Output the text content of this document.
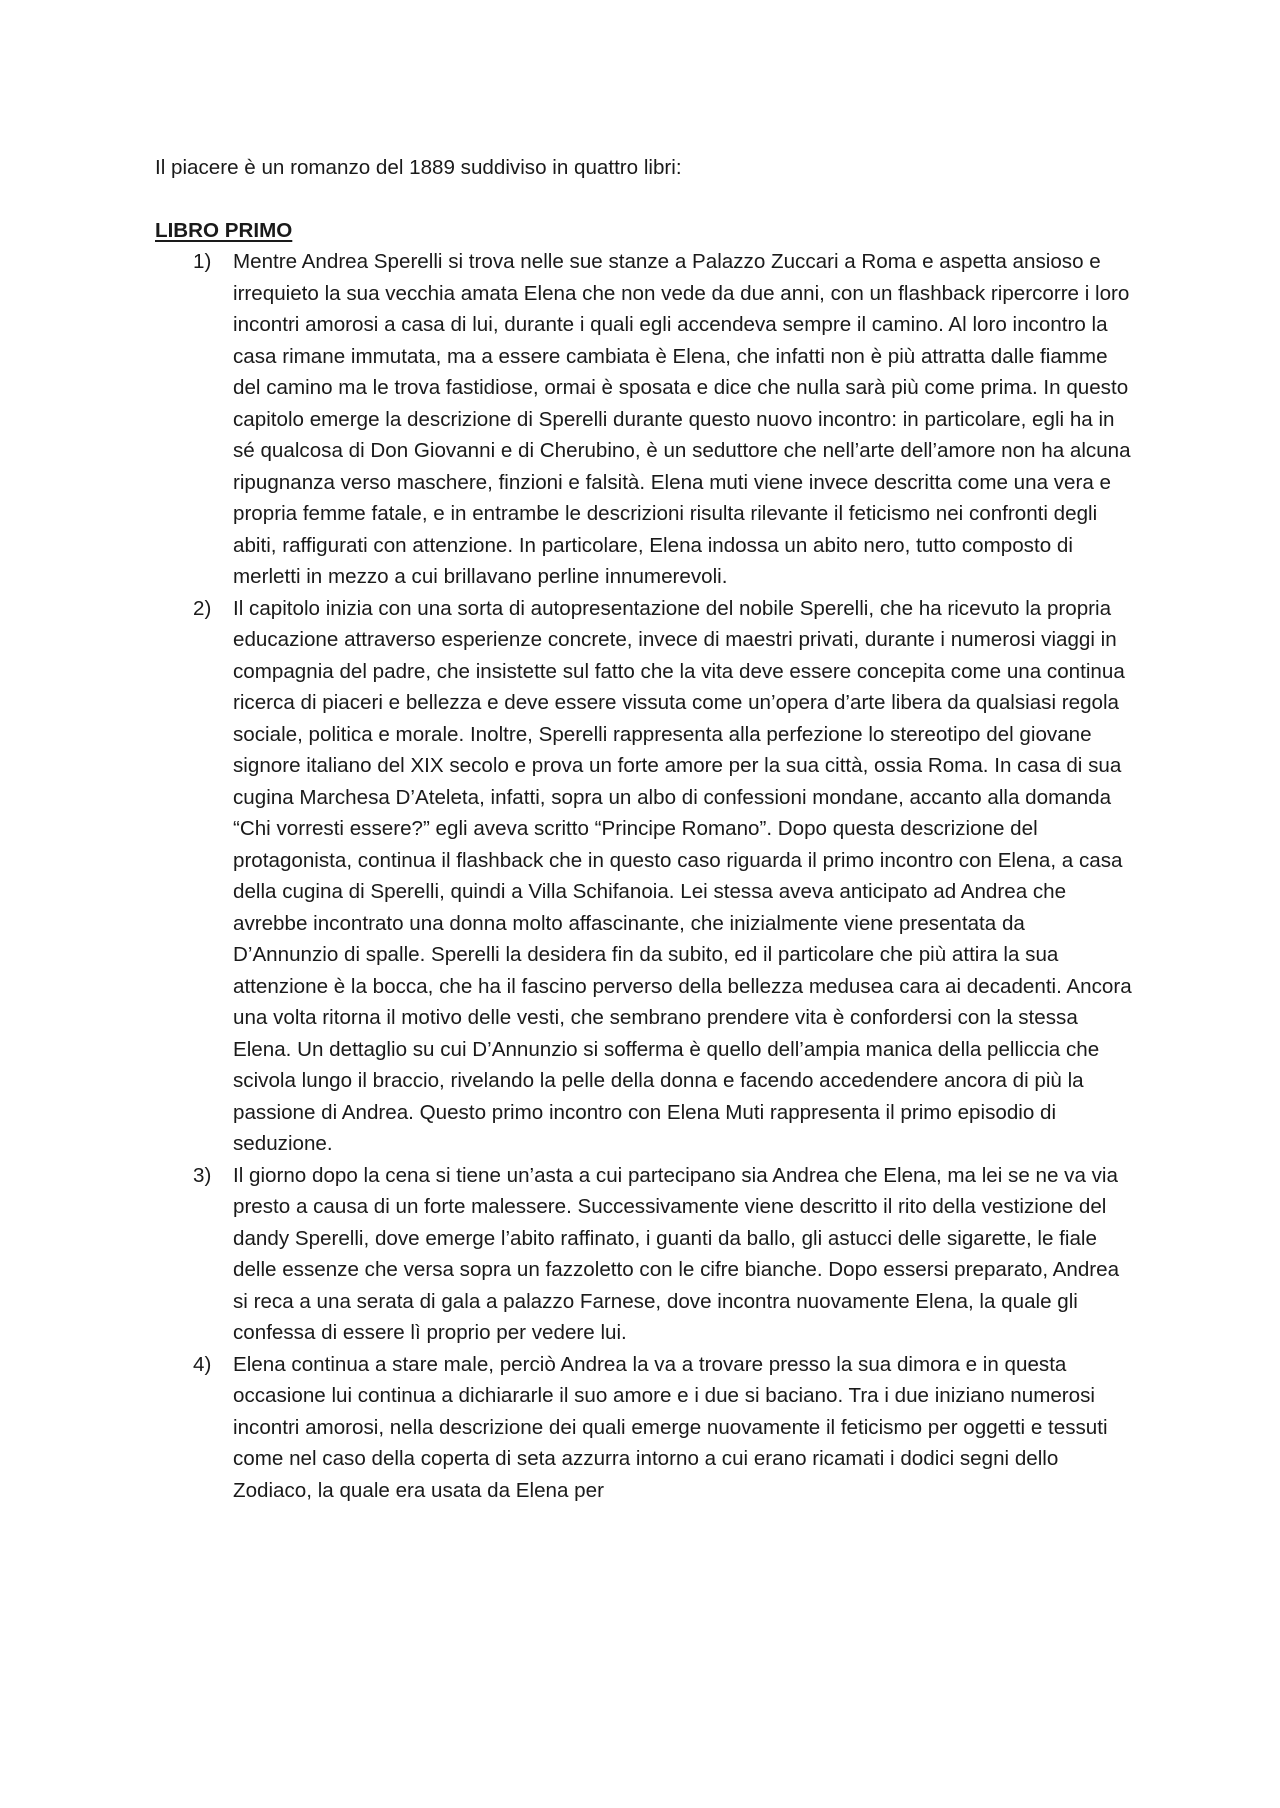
Il piacere è un romanzo del 1889 suddiviso in quattro libri:

LIBRO PRIMO
1) Mentre Andrea Sperelli si trova nelle sue stanze a Palazzo Zuccari a Roma e aspetta ansioso e irrequieto la sua vecchia amata Elena che non vede da due anni, con un flashback ripercorre i loro incontri amorosi a casa di lui, durante i quali egli accendeva sempre il camino. Al loro incontro la casa rimane immutata, ma a essere cambiata è Elena, che infatti non è più attratta dalle fiamme del camino ma le trova fastidiose, ormai è sposata e dice che nulla sarà più come prima. In questo capitolo emerge la descrizione di Sperelli durante questo nuovo incontro: in particolare, egli ha in sé qualcosa di Don Giovanni e di Cherubino, è un seduttore che nell’arte dell’amore non ha alcuna ripugnanza verso maschere, finzioni e falsità. Elena muti viene invece descritta come una vera e propria femme fatale, e in entrambe le descrizioni risulta rilevante il feticismo nei confronti degli abiti, raffigurati con attenzione. In particolare, Elena indossa un abito nero, tutto composto di merletti in mezzo a cui brillavano perline innumerevoli.
2) Il capitolo inizia con una sorta di autopresentazione del nobile Sperelli, che ha ricevuto la propria educazione attraverso esperienze concrete, invece di maestri privati, durante i numerosi viaggi in compagnia del padre, che insistette sul fatto che la vita deve essere concepita come una continua ricerca di piaceri e bellezza e deve essere vissuta come un’opera d’arte libera da qualsiasi regola sociale, politica e morale. Inoltre, Sperelli rappresenta alla perfezione lo stereotipo del giovane signore italiano del XIX secolo e prova un forte amore per la sua città, ossia Roma. In casa di sua cugina Marchesa D’Ateleta, infatti, sopra un albo di confessioni mondane, accanto alla domanda “Chi vorresti essere?” egli aveva scritto “Principe Romano”. Dopo questa descrizione del protagonista, continua il flashback che in questo caso riguarda il primo incontro con Elena, a casa della cugina di Sperelli, quindi a Villa Schifanoia. Lei stessa aveva anticipato ad Andrea che avrebbe incontrato una donna molto affascinante, che inizialmente viene presentata da D’Annunzio di spalle. Sperelli la desidera fin da subito, ed il particolare che più attira la sua attenzione è la bocca, che ha il fascino perverso della bellezza medusea cara ai decadenti. Ancora una volta ritorna il motivo delle vesti, che sembrano prendere vita è confordersi con la stessa Elena. Un dettaglio su cui D’Annunzio si sofferma è quello dell’ampia manica della pelliccia che scivola lungo il braccio, rivelando la pelle della donna e facendo accedendere ancora di più la passione di Andrea. Questo primo incontro con Elena Muti rappresenta il primo episodio di seduzione.
3) Il giorno dopo la cena si tiene un’asta a cui partecipano sia Andrea che Elena, ma lei se ne va via presto a causa di un forte malessere. Successivamente viene descritto il rito della vestizione del dandy Sperelli, dove emerge l’abito raffinato, i guanti da ballo, gli astucci delle sigarette, le fiale delle essenze che versa sopra un fazzoletto con le cifre bianche. Dopo essersi preparato, Andrea si reca a una serata di gala a palazzo Farnese, dove incontra nuovamente Elena, la quale gli confessa di essere lì proprio per vedere lui.
4) Elena continua a stare male, perciò Andrea la va a trovare presso la sua dimora e in questa occasione lui continua a dichiararle il suo amore e i due si baciano. Tra i due iniziano numerosi incontri amorosi, nella descrizione dei quali emerge nuovamente il feticismo per oggetti e tessuti come nel caso della coperta di seta azzurra intorno a cui erano ricamati i dodici segni dello Zodiaco, la quale era usata da Elena per
